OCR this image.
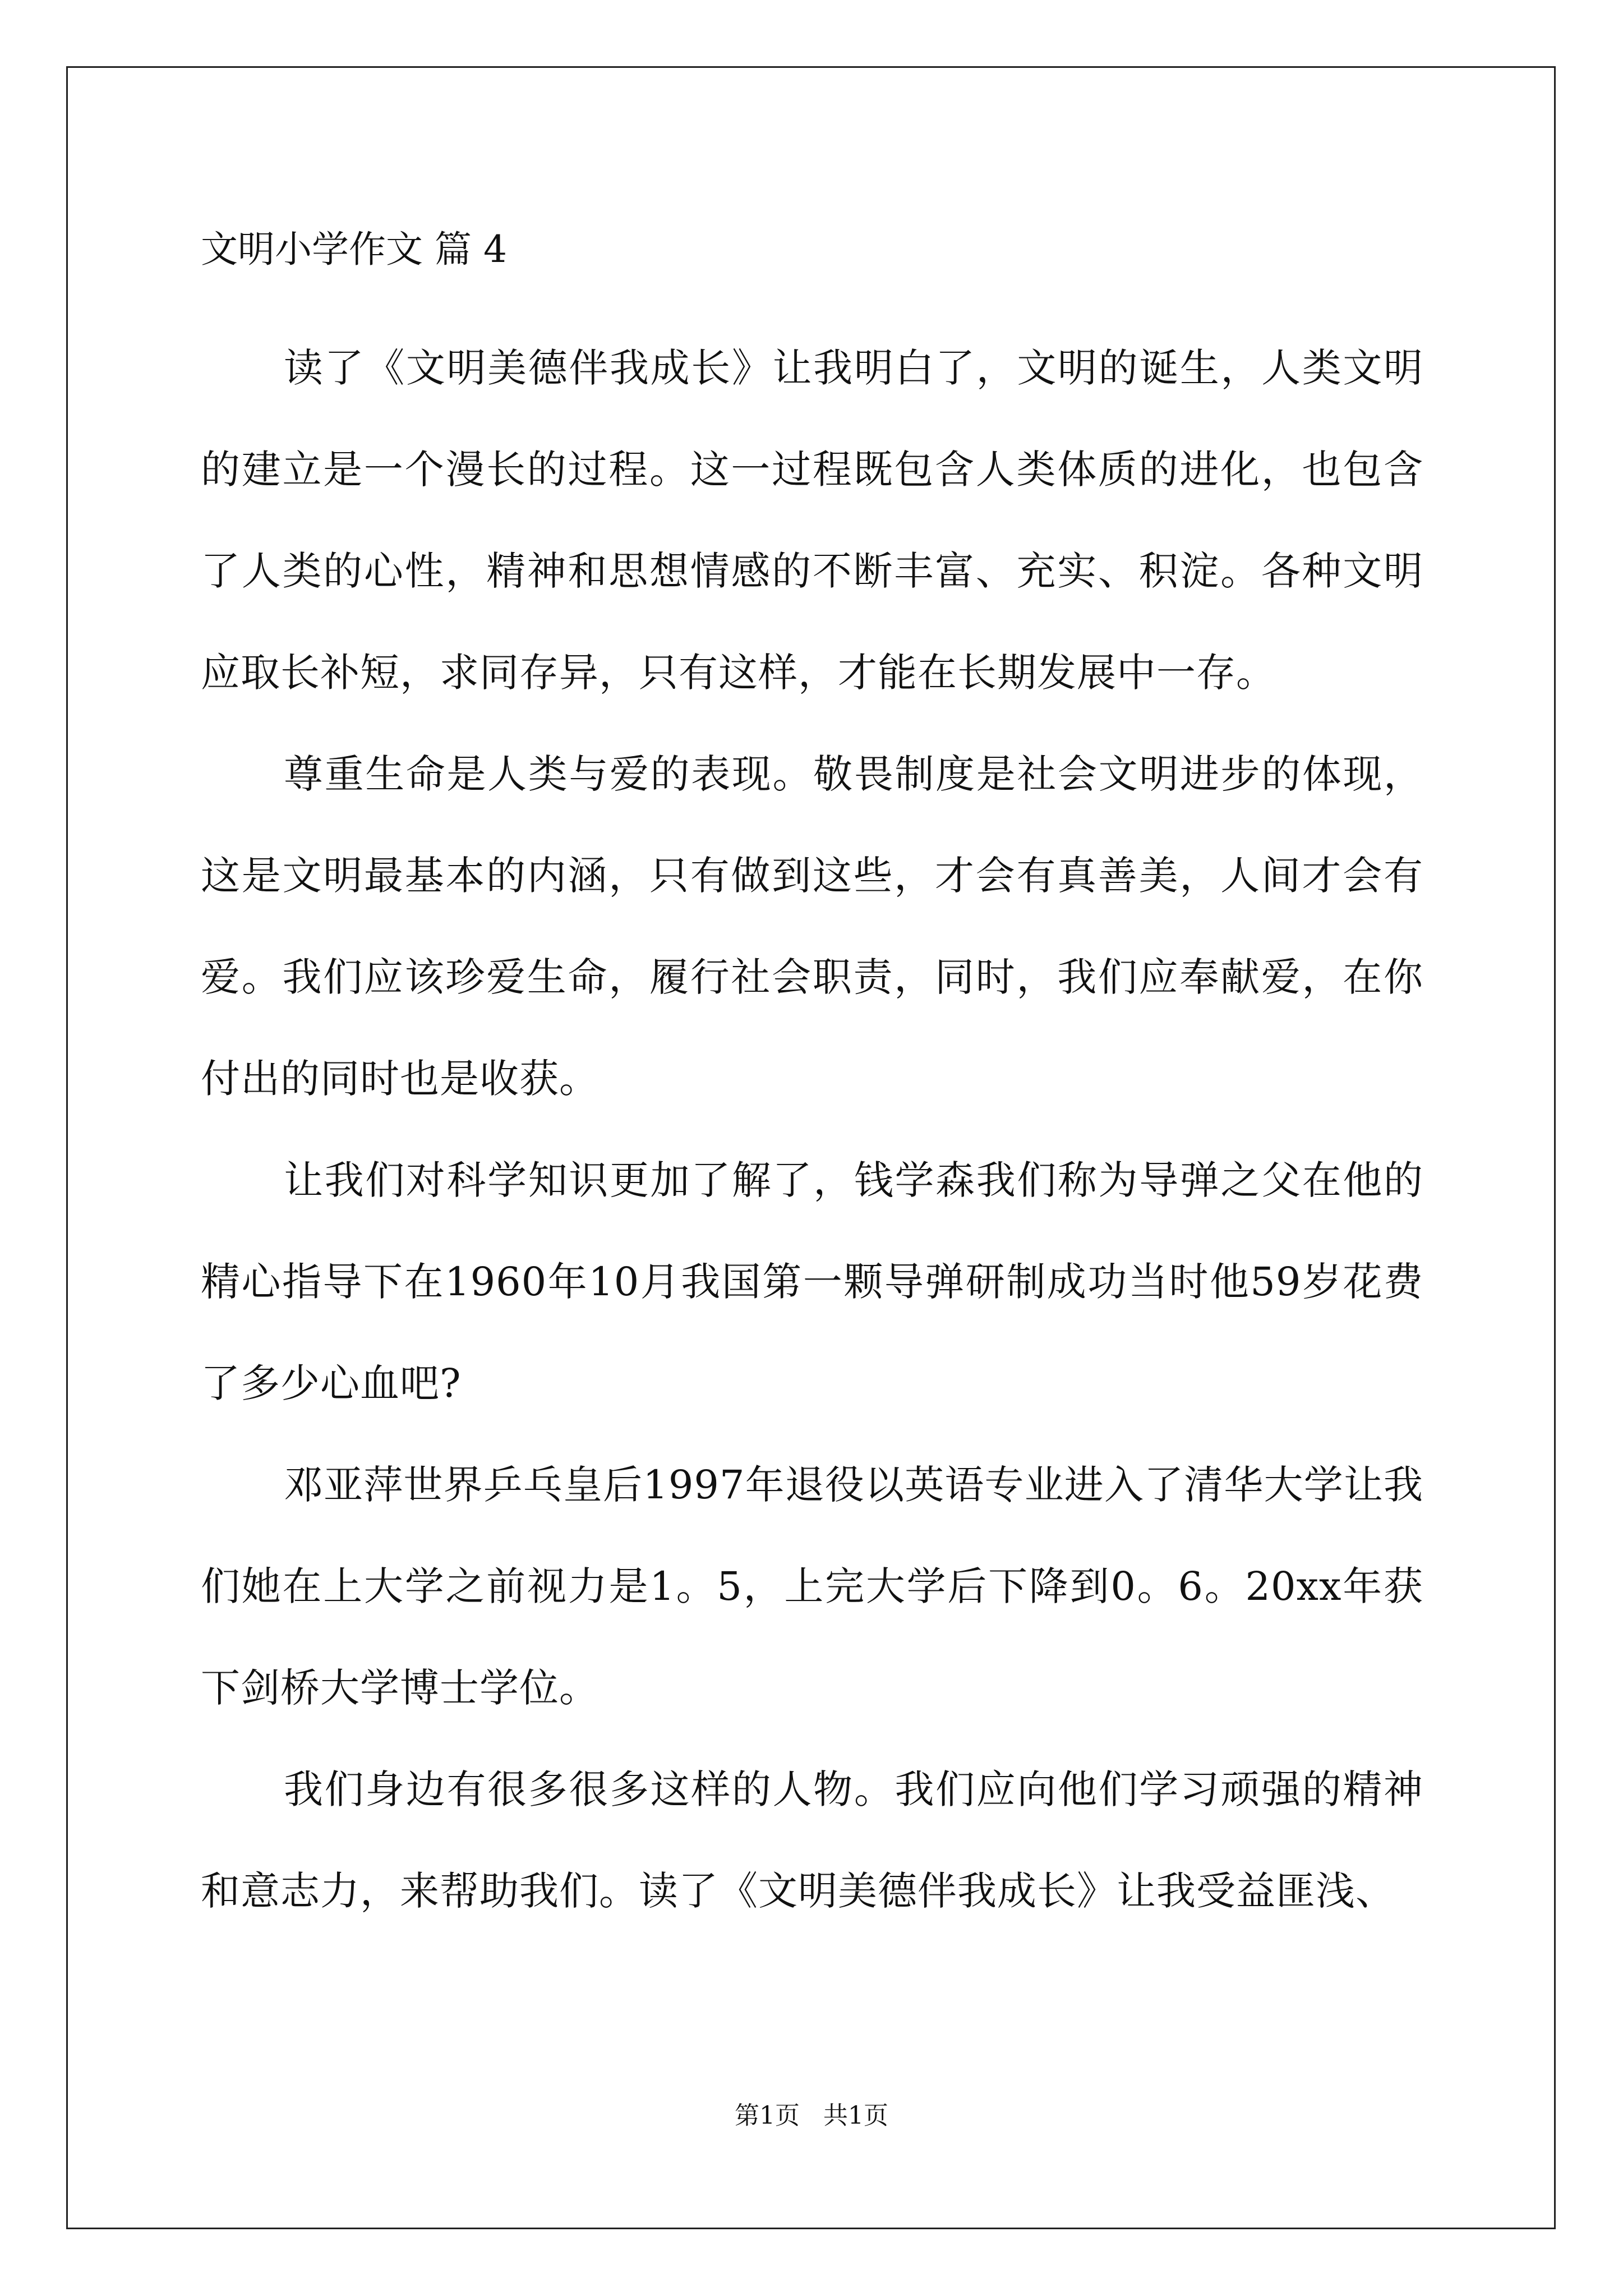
文明小学作文 篇 4

读了《文明美德伴我成长》让我明白了，文明的诞生，人类文明的建立是一个漫长的过程。这一过程既包含人类体质的进化，也包含了人类的心性，精神和思想情感的不断丰富、充实、积淀。各种文明应取长补短，求同存异，只有这样，才能在长期发展中一存。

尊重生命是人类与爱的表现。敬畏制度是社会文明进步的体现，这是文明最基本的内涵，只有做到这些，才会有真善美，人间才会有爱。我们应该珍爱生命，履行社会职责，同时，我们应奉献爱，在你付出的同时也是收获。

让我们对科学知识更加了解了，钱学森我们称为导弹之父在他的精心指导下在1960年10月我国第一颗导弹研制成功当时他59岁花费了多少心血吧?

邓亚萍世界乒乓皇后1997年退役以英语专业进入了清华大学让我们她在上大学之前视力是1。5，上完大学后下降到0。6。20xx年获下剑桥大学博士学位。

我们身边有很多很多这样的人物。我们应向他们学习顽强的精神和意志力，来帮助我们。读了《文明美德伴我成长》让我受益匪浅、

第1页   共1页
